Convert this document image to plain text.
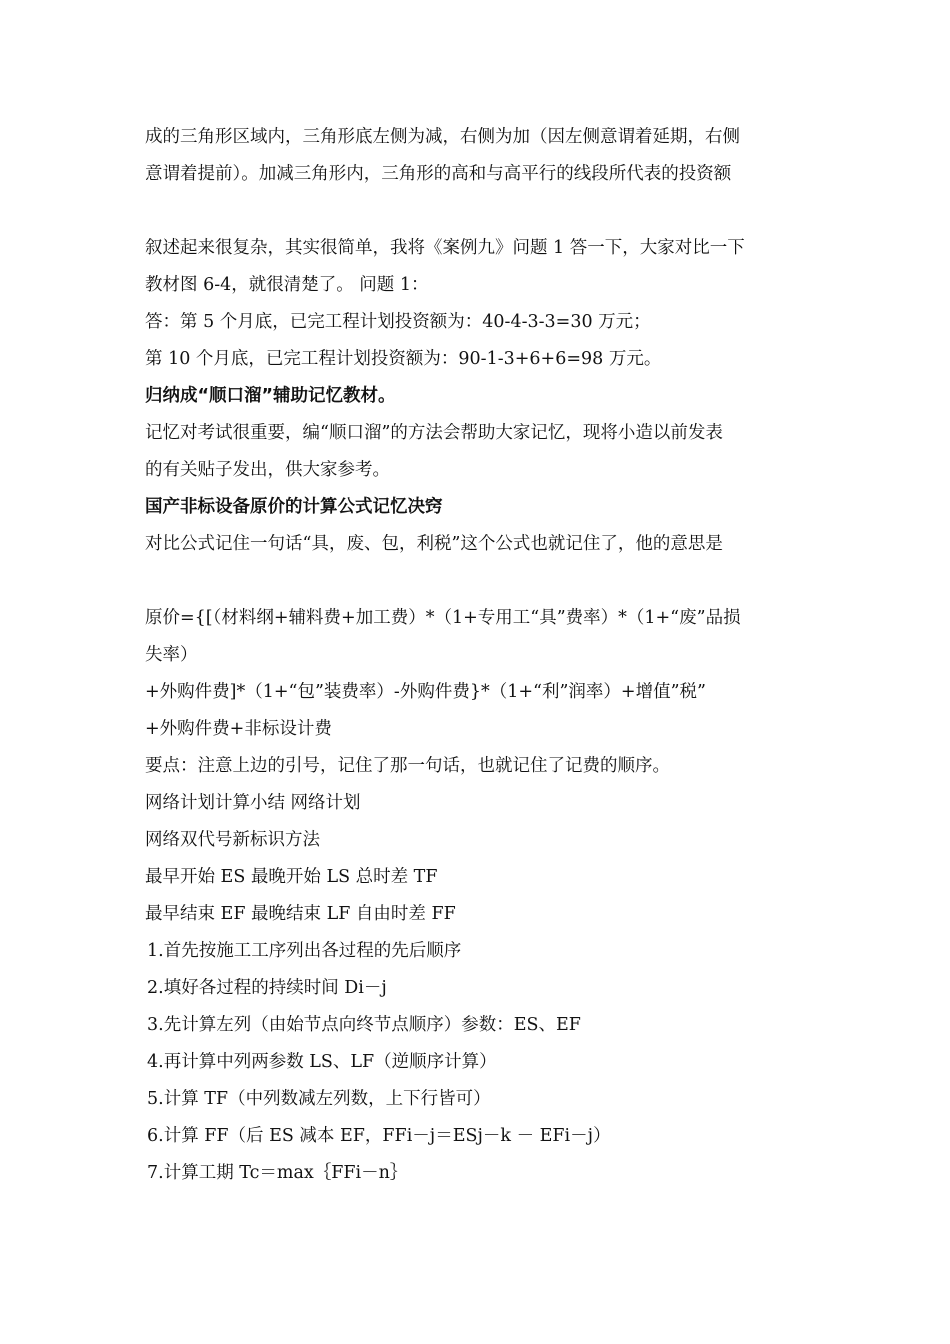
成的三角形区域内，三角形底左侧为减，右侧为加（因左侧意谓着延期，右侧
意谓着提前）。加减三角形内，三角形的高和与高平行的线段所代表的投资额
叙述起来很复杂，其实很简单，我将《案例九》问题 1 答一下，大家对比一下
教材图 6-4，就很清楚了。 问题 1：
答：第 5 个月底，已完工程计划投资额为：40-4-3-3=30 万元；
第 10 个月底，已完工程计划投资额为：90-1-3+6+6=98 万元。
归纳成“顺口溜”辅助记忆教材。
记忆对考试很重要，编“顺口溜”的方法会帮助大家记忆，现将小造以前发表
的有关贴子发出，供大家参考。
国产非标设备原价的计算公式记忆决窍
对比公式记住一句话“具，废、包，利税”这个公式也就记住了，他的意思是
原价={[（材料纲+辅料费+加工费）*（1+专用工“具”费率）*（1+“废”品损
失率）
+外购件费]*（1+“包”装费率）-外购件费}*（1+“利”润率）+增值”税”
+外购件费+非标设计费
要点：注意上边的引号，记住了那一句话，也就记住了记费的顺序。
网络计划计算小结 网络计划
网络双代号新标识方法
最早开始 ES 最晚开始 LS 总时差 TF
最早结束 EF 最晚结束 LF 自由时差 FF
1.首先按施工工序列出各过程的先后顺序
2.填好各过程的持续时间 Di－j
3.先计算左列（由始节点向终节点顺序）参数：ES、EF
4.再计算中列两参数 LS、LF（逆顺序计算）
5.计算 TF（中列数减左列数，上下行皆可）
6.计算 FF（后 ES 减本 EF，FFi－j＝ESj－k － EFi－j）
7.计算工期 Tc＝max｛FFi－n｝
